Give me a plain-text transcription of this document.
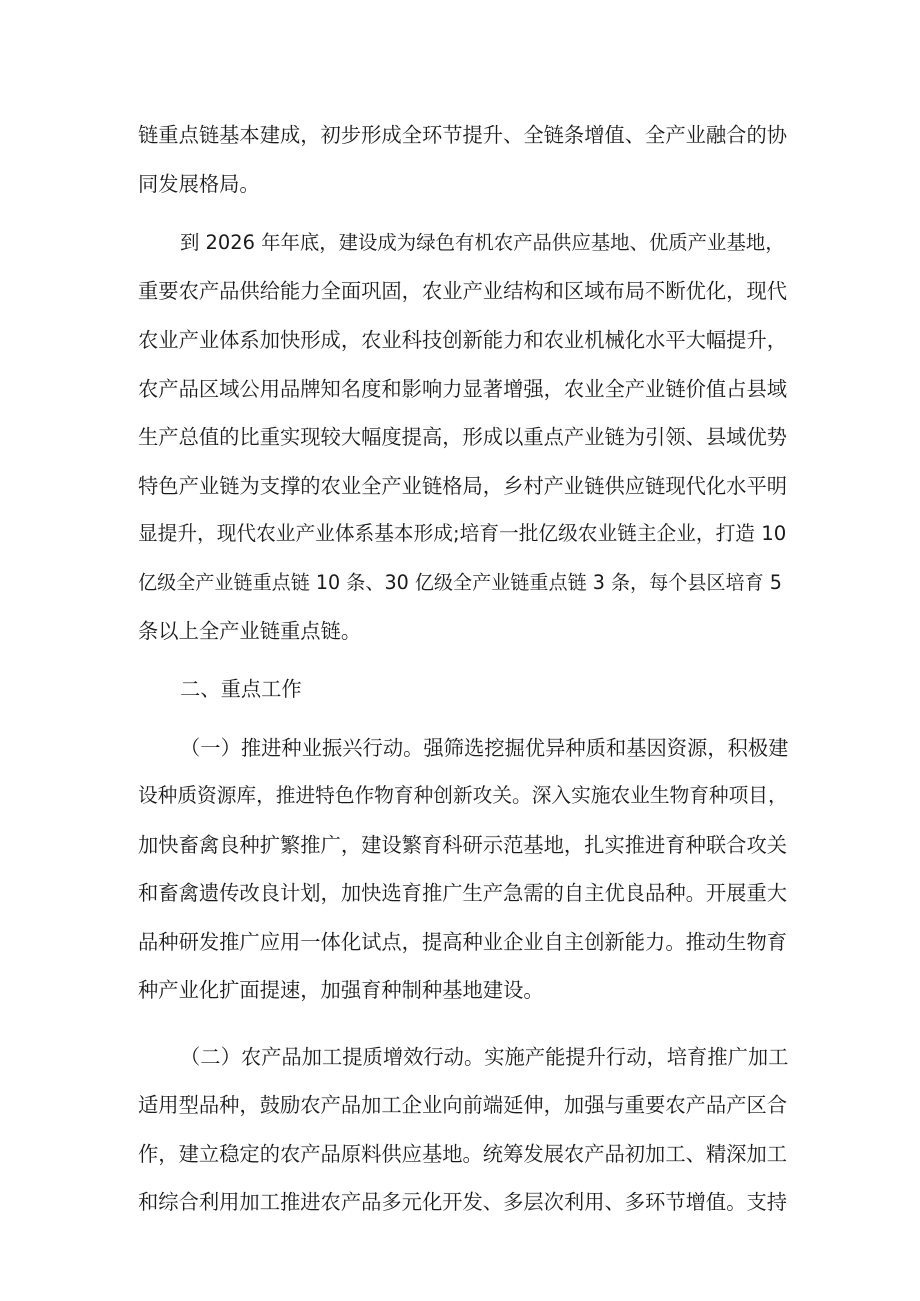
链重点链基本建成，初步形成全环节提升、全链条增值、全产业融合的协
同发展格局。
到 2026 年年底，建设成为绿色有机农产品供应基地、优质产业基地，
重要农产品供给能力全面巩固，农业产业结构和区域布局不断优化，现代
农业产业体系加快形成，农业科技创新能力和农业机械化水平大幅提升，
农产品区域公用品牌知名度和影响力显著增强，农业全产业链价值占县域
生产总值的比重实现较大幅度提高，形成以重点产业链为引领、县域优势
特色产业链为支撑的农业全产业链格局，乡村产业链供应链现代化水平明
显提升，现代农业产业体系基本形成;培育一批亿级农业链主企业，打造 10
亿级全产业链重点链 10 条、30 亿级全产业链重点链 3 条，每个县区培育 5
条以上全产业链重点链。
二、重点工作
（一）推进种业振兴行动。强筛选挖掘优异种质和基因资源，积极建
设种质资源库，推进特色作物育种创新攻关。深入实施农业生物育种项目，
加快畜禽良种扩繁推广，建设繁育科研示范基地，扎实推进育种联合攻关
和畜禽遗传改良计划，加快选育推广生产急需的自主优良品种。开展重大
品种研发推广应用一体化试点，提高种业企业自主创新能力。推动生物育
种产业化扩面提速，加强育种制种基地建设。
（二）农产品加工提质增效行动。实施产能提升行动，培育推广加工
适用型品种，鼓励农产品加工企业向前端延伸，加强与重要农产品产区合
作，建立稳定的农产品原料供应基地。统筹发展农产品初加工、精深加工
和综合利用加工推进农产品多元化开发、多层次利用、多环节增值。支持
